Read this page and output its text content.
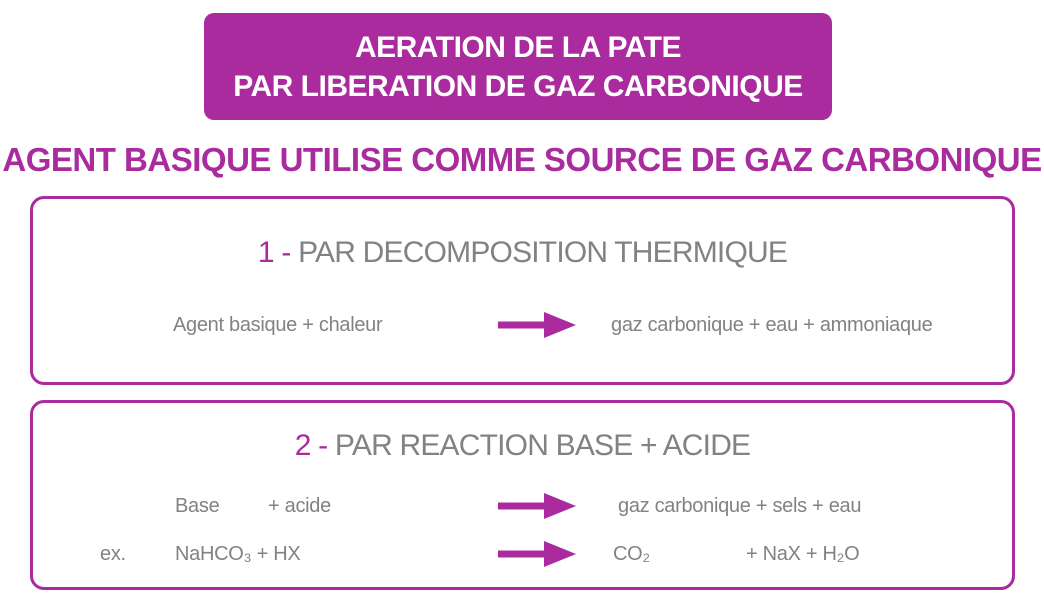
AERATION DE LA PATE
PAR LIBERATION DE GAZ CARBONIQUE
AGENT BASIQUE UTILISE COMME SOURCE DE GAZ CARBONIQUE
1 - PAR DECOMPOSITION THERMIQUE
Agent basique + chaleur	gaz carbonique + eau + ammoniaque
2 - PAR REACTION BASE + ACIDE
Base + acide	gaz carbonique + sels + eau
ex. NaHCO₃ + HX	CO₂	+ NaX + H₂O
